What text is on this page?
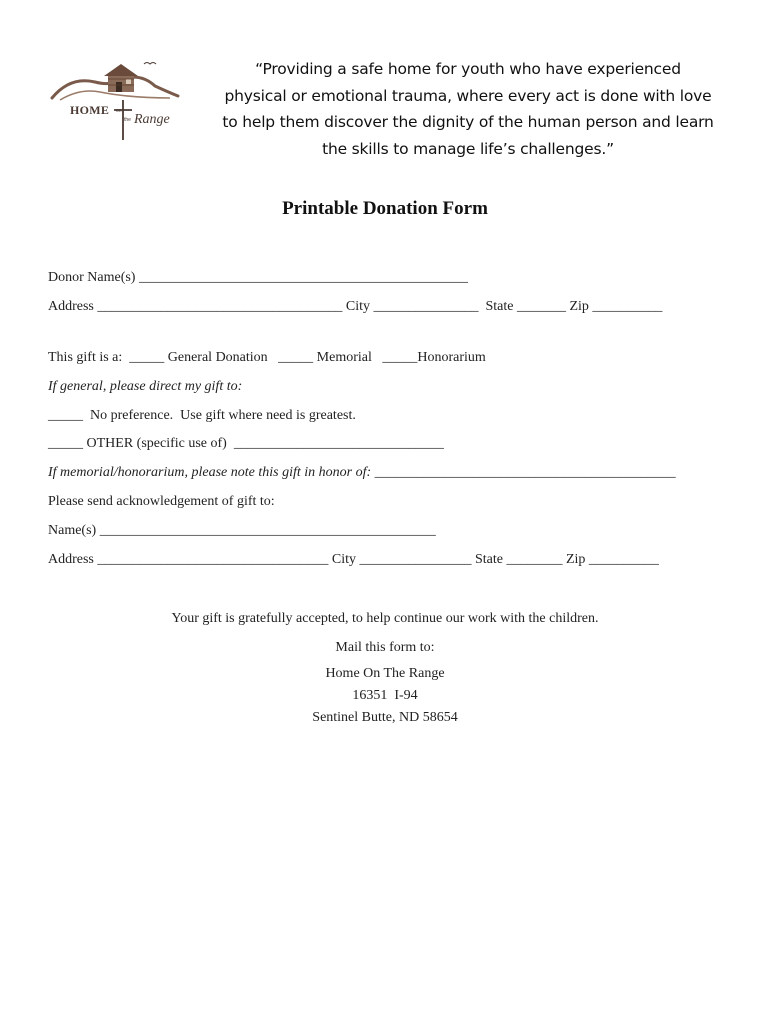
HOME on
the Range
“Providing a safe home for youth who have experienced
physical or emotional trauma, where every act is done with love
to help them discover the dignity of the human person and learn
the skills to manage life’s challenges.”
Printable Donation Form
Donor Name(s) _______________________________________________
Address ___________________________________ City _______________  State _______ Zip __________
This gift is a:  _____ General Donation   _____ Memorial   _____Honorarium
If general, please direct my gift to:
_____  No preference.  Use gift where need is greatest.
_____ OTHER (specific use of)  ______________________________
If memorial/honorarium, please note this gift in honor of: ___________________________________________
Please send acknowledgement of gift to:
Name(s) ________________________________________________
Address _________________________________ City ________________ State ________ Zip __________
Your gift is gratefully accepted, to help continue our work with the children.
Mail this form to:
Home On The Range
16351  I-94
Sentinel Butte, ND 58654
